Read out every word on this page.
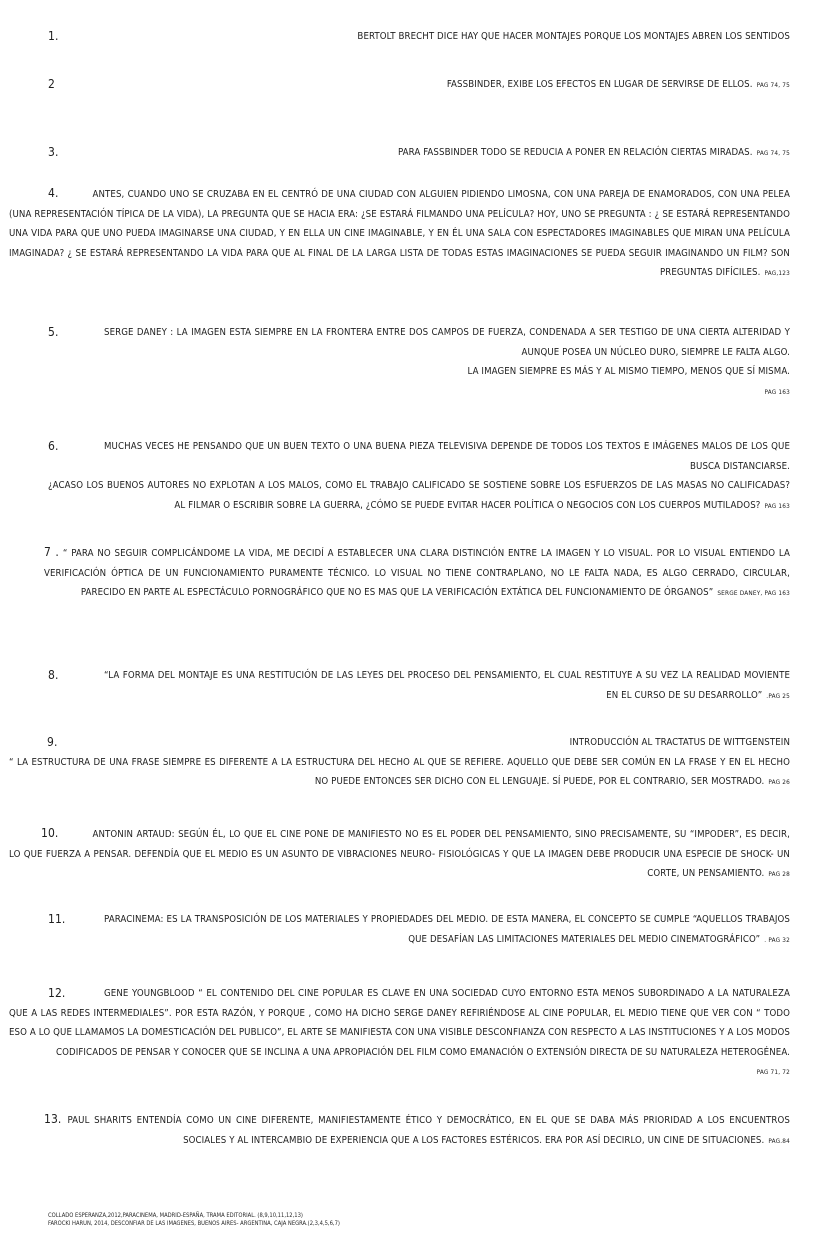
1.	BERTOLT BRECHT DICE HAY QUE HACER MONTAJES PORQUE LOS MONTAJES ABREN LOS SENTIDOS

2	FASSBINDER, EXIBE LOS EFECTOS EN LUGAR DE SERVIRSE DE ELLOS. PAG 74, 75

3.	PARA FASSBINDER TODO SE REDUCIA A PONER EN RELACIÓN CIERTAS MIRADAS. PAG 74, 75

4.	ANTES, CUANDO UNO SE CRUZABA EN EL CENTRÓ DE UNA CIUDAD CON ALGUIEN PIDIENDO LIMOSNA, CON UNA PAREJA DE ENAMORADOS, CON UNA PELEA (UNA REPRESENTACIÓN TÍPICA DE LA VIDA), LA PREGUNTA QUE SE HACIA ERA: ¿SE ESTARÁ FILMANDO UNA PELÍCULA? HOY, UNO SE PREGUNTA : ¿ SE ESTARÁ REPRESENTANDO UNA VIDA PARA QUE UNO PUEDA IMAGINARSE UNA CIUDAD, Y EN ELLA UN CINE IMAGINABLE, Y EN ÉL UNA SALA CON ESPECTADORES IMAGINABLES QUE MIRAN UNA PELÍCULA IMAGINADA? ¿ SE ESTARÁ REPRESENTANDO LA VIDA PARA QUE AL FINAL DE LA LARGA LISTA DE TODAS ESTAS IMAGINACIONES SE PUEDA SEGUIR IMAGINANDO UN FILM? SON PREGUNTAS DIFÍCILES. PAG,123

5.	SERGE DANEY : LA IMAGEN ESTA SIEMPRE EN LA FRONTERA ENTRE DOS CAMPOS DE FUERZA, CONDENADA A SER TESTIGO DE UNA CIERTA ALTERIDAD Y AUNQUE POSEA UN NÚCLEO DURO, SIEMPRE LE FALTA ALGO.

LA IMAGEN SIEMPRE ES MÁS Y AL MISMO TIEMPO, MENOS QUE SÍ MISMA.

PAG 163

6.	MUCHAS VECES HE PENSANDO QUE UN BUEN TEXTO O UNA BUENA PIEZA TELEVISIVA DEPENDE DE TODOS LOS TEXTOS E IMÁGENES MALOS DE LOS QUE BUSCA DISTANCIARSE.

¿ACASO LOS BUENOS AUTORES NO EXPLOTAN A LOS MALOS, COMO EL TRABAJO CALIFICADO SE SOSTIENE SOBRE LOS ESFUERZOS DE LAS MASAS NO CALIFICADAS? AL FILMAR O ESCRIBIR SOBRE LA GUERRA, ¿CÓMO SE PUEDE EVITAR HACER POLÍTICA O NEGOCIOS CON LOS CUERPOS MUTILADOS? PAG 163

7 . “ PARA NO SEGUIR COMPLICÁNDOME LA VIDA, ME DECIDÍ A ESTABLECER UNA CLARA DISTINCIÓN ENTRE LA IMAGEN Y LO VISUAL. POR LO VISUAL ENTIENDO LA VERIFICACIÓN ÓPTICA DE UN FUNCIONAMIENTO PURAMENTE TÉCNICO. LO VISUAL NO TIENE CONTRAPLANO, NO LE FALTA NADA, ES ALGO CERRADO, CIRCULAR, PARECIDO EN PARTE AL ESPECTÁCULO PORNOGRÁFICO QUE NO ES MAS QUE LA VERIFICACIÓN EXTÁTICA DEL FUNCIONAMIENTO DE ÓRGANOS” SERGE DANEY, PAG 163

8.	“LA FORMA DEL MONTAJE ES UNA RESTITUCIÓN DE LAS LEYES DEL PROCESO DEL PENSAMIENTO, EL CUAL RESTITUYE A SU VEZ LA REALIDAD MOVIENTE EN EL CURSO DE SU DESARROLLO” .PAG 25

9.	INTRODUCCIÓN AL TRACTATUS DE WITTGENSTEIN

“ LA ESTRUCTURA DE UNA FRASE SIEMPRE ES DIFERENTE A LA ESTRUCTURA DEL HECHO AL QUE SE REFIERE. AQUELLO QUE DEBE SER COMÚN EN LA FRASE Y EN EL HECHO NO PUEDE ENTONCES SER DICHO CON EL LENGUAJE. SÍ PUEDE, POR EL CONTRARIO, SER MOSTRADO. PAG 26

10.	ANTONIN ARTAUD: SEGÚN ÉL, LO QUE EL CINE PONE DE MANIFIESTO NO ES EL PODER DEL PENSAMIENTO, SINO PRECISAMENTE, SU “IMPODER”, ES DECIR, LO QUE FUERZA A PENSAR. DEFENDÍA QUE EL MEDIO ES UN ASUNTO DE VIBRACIONES NEURO- FISIOLÓGICAS Y QUE LA IMAGEN DEBE PRODUCIR UNA ESPECIE DE SHOCK- UN CORTE, UN PENSAMIENTO. PAG 28

11.	PARACINEMA: ES LA TRANSPOSICIÓN DE LOS MATERIALES Y PROPIEDADES DEL MEDIO. DE ESTA MANERA, EL CONCEPTO SE CUMPLE “AQUELLOS TRABAJOS QUE DESAFÍAN LAS LIMITACIONES MATERIALES DEL MEDIO CINEMATOGRÁFICO” . PAG 32

12.	GENE YOUNGBLOOD “ EL CONTENIDO DEL CINE POPULAR ES CLAVE EN UNA SOCIEDAD CUYO ENTORNO ESTA MENOS SUBORDINADO A LA NATURALEZA QUE A LAS REDES INTERMEDIALES”. POR ESTA RAZÓN, Y PORQUE , COMO HA DICHO SERGE DANEY REFIRIÉNDOSE AL CINE POPULAR, EL MEDIO TIENE QUE VER CON “ TODO ESO A LO QUE LLAMAMOS LA DOMESTICACIÓN DEL PUBLICO”, EL ARTE SE MANIFIESTA CON UNA VISIBLE DESCONFIANZA CON RESPECTO A LAS INSTITUCIONES Y A LOS MODOS CODIFICADOS DE PENSAR Y CONOCER QUE SE INCLINA A UNA APROPIACIÓN DEL FILM COMO EMANACIÓN O EXTENSIÓN DIRECTA DE SU NATURALEZA HETEROGÉNEA.

PAG 71, 72

13. PAUL SHARITS ENTENDÍA COMO UN CINE DIFERENTE, MANIFIESTAMENTE ÉTICO Y DEMOCRÁTICO, EN EL QUE SE DABA MÁS PRIORIDAD A LOS ENCUENTROS SOCIALES Y AL INTERCAMBIO DE EXPERIENCIA QUE A LOS FACTORES ESTÉRICOS. ERA POR ASÍ DECIRLO, UN CINE DE SITUACIONES. PAG.84

COLLADO ESPERANZA,2012,PARACINEMA, MADRID-ESPAÑA, TRAMA EDITORIAL. (8,9,10,11,12,13)
FAROCKI HARUN, 2014, DESCONFIAR DE LAS IMAGENES, BUENOS AIRES- ARGENTINA, CAJA NEGRA.(2,3,4,5,6,7)
